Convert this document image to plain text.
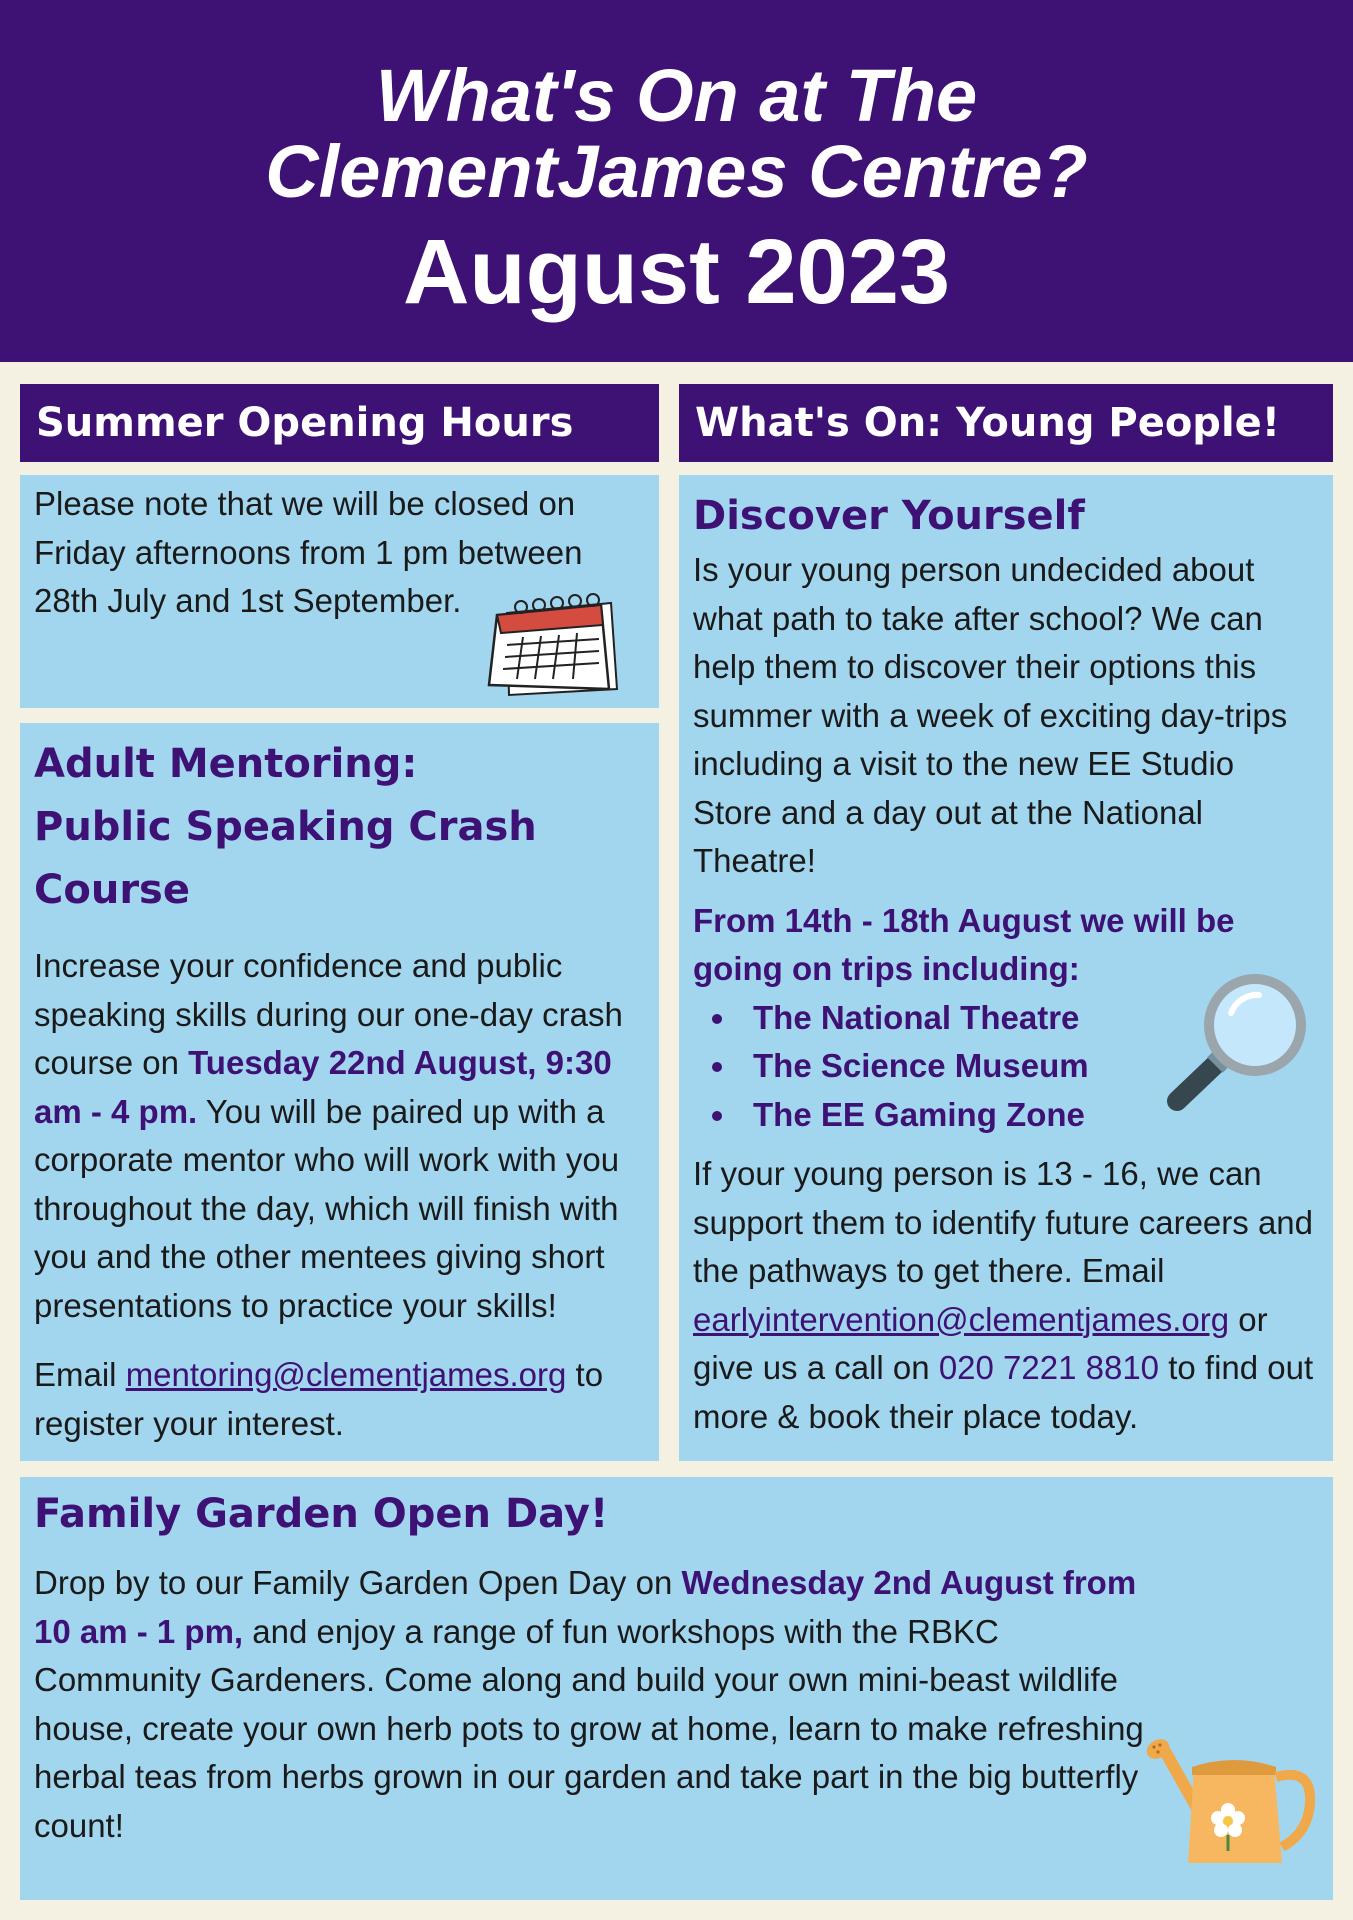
What's On at The
ClementJames Centre?
August 2023
Summer Opening Hours

Please note that we will be closed on Friday afternoons from 1 pm between 28th July and 1st September.

Adult Mentoring: Public Speaking Crash Course

Increase your confidence and public speaking skills during our one-day crash course on Tuesday 22nd August, 9:30 am - 4 pm. You will be paired up with a corporate mentor who will work with you throughout the day, which will finish with you and the other mentees giving short presentations to practice your skills!

Email mentoring@clementjames.org to register your interest.

What's On: Young People!

Discover Yourself

Is your young person undecided about what path to take after school? We can help them to discover their options this summer with a week of exciting day-trips including a visit to the new EE Studio Store and a day out at the National Theatre!

From 14th - 18th August we will be going on trips including:

• The National Theatre
• The Science Museum
• The EE Gaming Zone

If your young person is 13 - 16, we can support them to identify future careers and the pathways to get there. Email earlyintervention@clementjames.org or give us a call on 020 7221 8810 to find out more & book their place today.

Family Garden Open Day!

Drop by to our Family Garden Open Day on Wednesday 2nd August from 10 am - 1 pm, and enjoy a range of fun workshops with the RBKC Community Gardeners. Come along and build your own mini-beast wildlife house, create your own herb pots to grow at home, learn to make refreshing herbal teas from herbs grown in our garden and take part in the big butterfly count!
